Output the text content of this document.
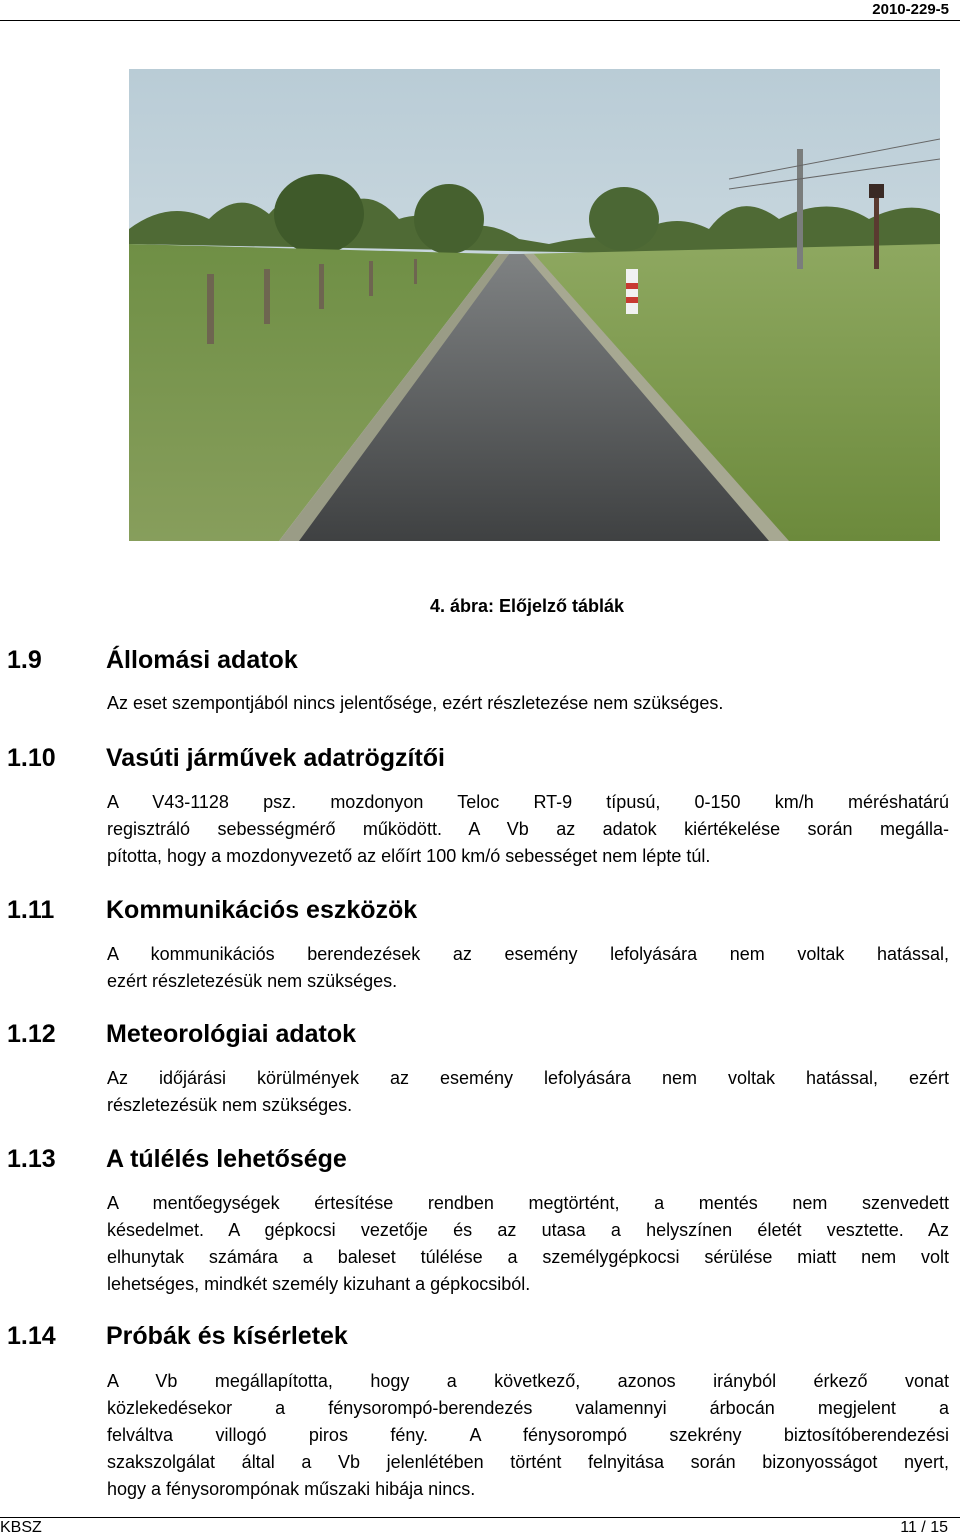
2010-229-5
4. ábra: Előjelző táblák
1.9	Állomási adatok
Az eset szempontjából nincs jelentősége, ezért részletezése nem szükséges.
1.10 Vasúti járművek adatrögzítői
A V43-1128 psz. mozdonyon Teloc RT-9 típusú, 0-150 km/h méréshatárú
regisztráló sebességmérő működött. A Vb az adatok kiértékelése során megálla-
pította, hogy a mozdonyvezető az előírt 100 km/ó sebességet nem lépte túl.
1.11 Kommunikációs eszközök
A kommunikációs berendezések az esemény lefolyására nem voltak hatással,
ezért részletezésük nem szükséges.
1.12 Meteorológiai adatok
Az időjárási körülmények az esemény lefolyására nem voltak hatással, ezért
részletezésük nem szükséges.
1.13 A túlélés lehetősége
A mentőegységek értesítése rendben megtörtént, a mentés nem szenvedett
késedelmet. A gépkocsi vezetője és az utasa a helyszínen életét vesztette. Az
elhunytak számára a baleset túlélése a személygépkocsi sérülése miatt nem volt
lehetséges, mindkét személy kizuhant a gépkocsiból.
1.14 Próbák és kísérletek
A Vb megállapította, hogy a következő, azonos irányból érkező vonat
közlekedésekor a fénysorompó-berendezés valamennyi árbocán megjelent a
felváltva villogó piros fény. A fénysorompó szekrény biztosítóberendezési
szakszolgálat által a Vb jelenlétében történt felnyitása során bizonyosságot nyert,
hogy a fénysorompónak műszaki hibája nincs.
KBSZ	11 / 15
